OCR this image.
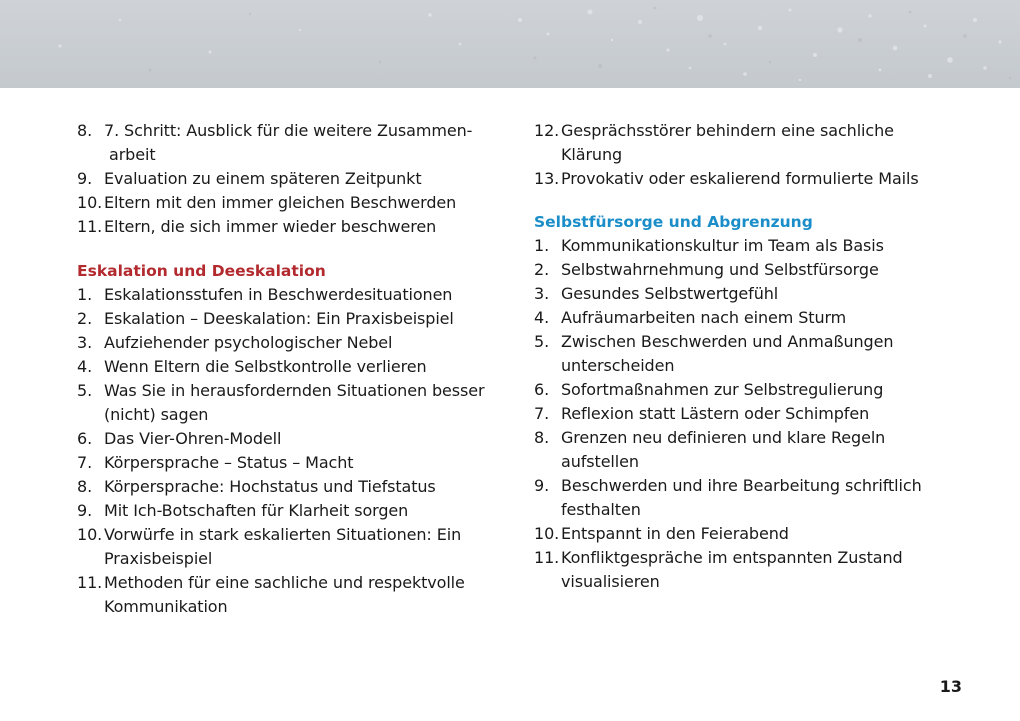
8. 7. Schritt: Ausblick für die weitere Zusammen- arbeit
9. Evaluation zu einem späteren Zeitpunkt
10. Eltern mit den immer gleichen Beschwerden
11. Eltern, die sich immer wieder beschweren
Eskalation und Deeskalation
1. Eskalationsstufen in Beschwerdesituationen
2. Eskalation – Deeskalation: Ein Praxisbeispiel
3. Aufziehender psychologischer Nebel
4. Wenn Eltern die Selbstkontrolle verlieren
5. Was Sie in herausfordernden Situationen besser (nicht) sagen
6. Das Vier-Ohren-Modell
7. Körpersprache – Status – Macht
8. Körpersprache: Hochstatus und Tiefstatus
9. Mit Ich-Botschaften für Klarheit sorgen
10. Vorwürfe in stark eskalierten Situationen: Ein Praxisbeispiel
11. Methoden für eine sachliche und respektvolle Kommunikation
12. Gesprächsstörer behindern eine sachliche Klärung
13. Provokativ oder eskalierend formulierte Mails
Selbstfürsorge und Abgrenzung
1. Kommunikationskultur im Team als Basis
2. Selbstwahrnehmung und Selbstfürsorge
3. Gesundes Selbstwertgefühl
4. Aufräumarbeiten nach einem Sturm
5. Zwischen Beschwerden und Anmaßungen unterscheiden
6. Sofortmaßnahmen zur Selbstregulierung
7. Reflexion statt Lästern oder Schimpfen
8. Grenzen neu definieren und klare Regeln aufstellen
9. Beschwerden und ihre Bearbeitung schriftlich festhalten
10. Entspannt in den Feierabend
11. Konfliktgespräche im entspannten Zustand visualisieren
13
